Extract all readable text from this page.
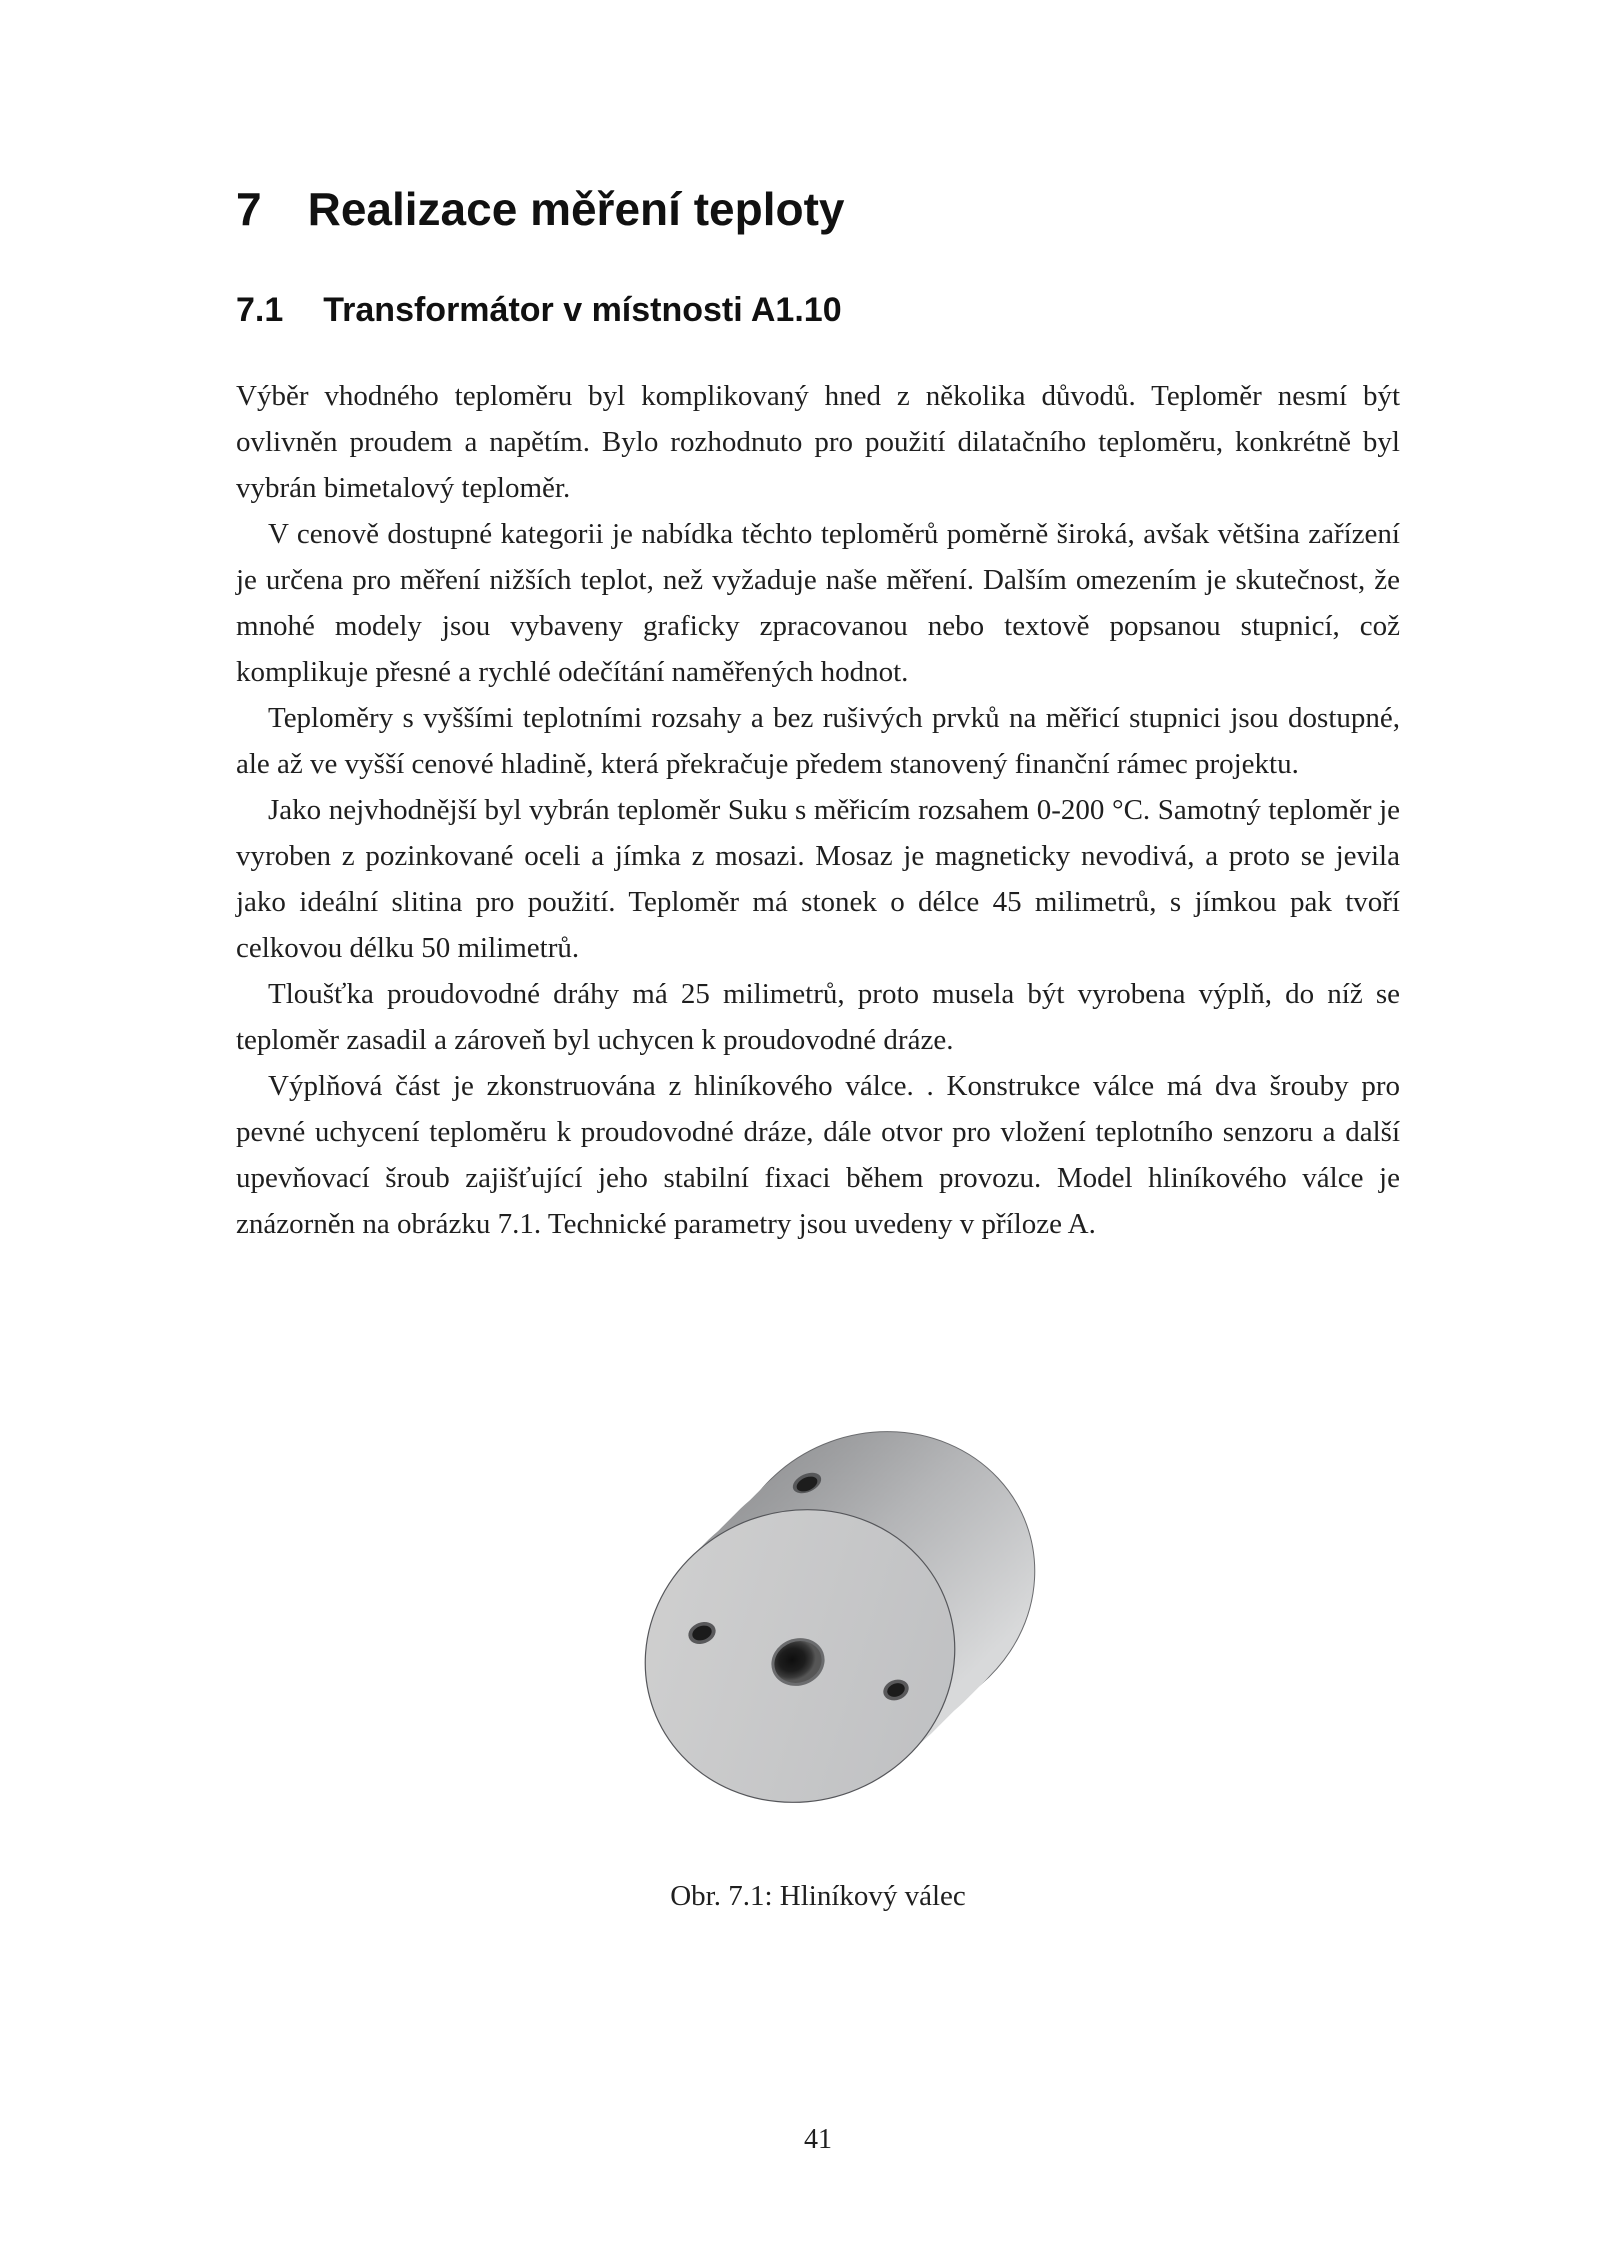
7 Realizace měření teploty
7.1 Transformátor v místnosti A1.10

Výběr vhodného teploměru byl komplikovaný hned z několika důvodů. Teploměr nesmí být ovlivněn proudem a napětím. Bylo rozhodnuto pro použití dilatačního teploměru, konkrétně byl vybrán bimetalový teploměr.

V cenově dostupné kategorii je nabídka těchto teploměrů poměrně široká, avšak většina zařízení je určena pro měření nižších teplot, než vyžaduje naše měření. Dalším omezením je skutečnost, že mnohé modely jsou vybaveny graficky zpracovanou nebo textově popsanou stupnicí, což komplikuje přesné a rychlé odečítání naměřených hodnot.

Teploměry s vyššími teplotními rozsahy a bez rušivých prvků na měřicí stupnici jsou dostupné, ale až ve vyšší cenové hladině, která překračuje předem stanovený finanční rámec projektu.

Jako nejvhodnější byl vybrán teploměr Suku s měřicím rozsahem 0-200 °C. Samotný teploměr je vyroben z pozinkované oceli a jímka z mosazi. Mosaz je magneticky nevodivá, a proto se jevila jako ideální slitina pro použití. Teploměr má stonek o délce 45 milimetrů, s jímkou pak tvoří celkovou délku 50 milimetrů.

Tloušťka proudovodné dráhy má 25 milimetrů, proto musela být vyrobena výplň, do níž se teploměr zasadil a zároveň byl uchycen k proudovodné dráze.

Výplňová část je zkonstruována z hliníkového válce. . Konstrukce válce má dva šrouby pro pevné uchycení teploměru k proudovodné dráze, dále otvor pro vložení teplotního senzoru a další upevňovací šroub zajišťující jeho stabilní fixaci během provozu. Model hliníkového válce je znázorněn na obrázku 7.1. Technické parametry jsou uvedeny v příloze A.

Obr. 7.1: Hliníkový válec
41
